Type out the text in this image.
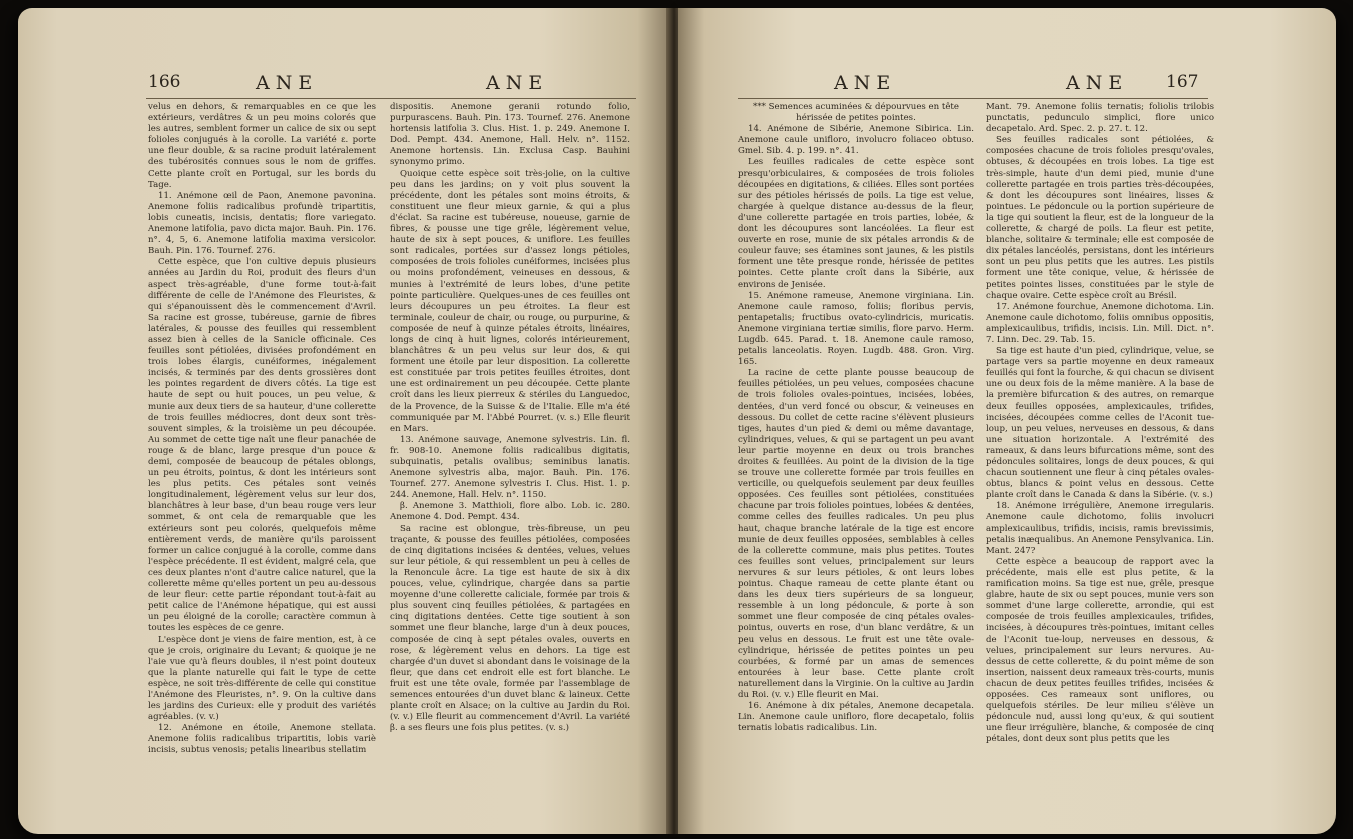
166	ANE	ANE

velus en dehors, & remarquables en ce que les extérieurs, verdâtres & un peu moins colorés que les autres, semblent former un calice de six ou sept folioles conjugués à la corolle. La variété ε. porte une fleur double, & sa racine produit latéralement des tubérosités connues sous le nom de griffes. Cette plante croît en Portugal, sur les bords du Tage.

11. Anémone œil de Paon, Anemone pavonina. Anemone foliis radicalibus profundè tripartitis, lobis cuneatis, incisis, dentatis; flore variegato. Anemone latifolia, pavo dicta major. Bauh. Pin. 176. n°. 4, 5, 6. Anemone latifolia maxima versicolor. Bauh. Pin. 176. Tournef. 276.

Cette espèce, que l'on cultive depuis plusieurs années au Jardin du Roi, produit des fleurs d'un aspect très-agréable, d'une forme tout-à-fait différente de celle de l'Anémone des Fleuristes, & qui s'épanouissent dès le commencement d'Avril. Sa racine est grosse, tubéreuse, garnie de fibres latérales, & pousse des feuilles qui ressemblent assez bien à celles de la Sanicle officinale. Ces feuilles sont pétiolées, divisées profondément en trois lobes élargis, cunéiformes, inégalement incisés, & terminés par des dents grossières dont les pointes regardent de divers côtés. La tige est haute de sept ou huit pouces, un peu velue, & munie aux deux tiers de sa hauteur, d'une collerette de trois feuilles médiocres, dont deux sont très-souvent simples, & la troisième un peu découpée. Au sommet de cette tige naît une fleur panachée de rouge & de blanc, large presque d'un pouce & demi, composée de beaucoup de pétales oblongs, un peu étroits, pointus, & dont les intérieurs sont les plus petits. Ces pétales sont veinés longitudinalement, légèrement velus sur leur dos, blanchâtres à leur base, d'un beau rouge vers leur sommet, & ont cela de remarquable que les extérieurs sont peu colorés, quelquefois même entièrement verds, de manière qu'ils paroissent former un calice conjugué à la corolle, comme dans l'espèce précédente. Il est évident, malgré cela, que ces deux plantes n'ont d'autre calice naturel, que la collerette même qu'elles portent un peu au-dessous de leur fleur: cette partie répondant tout-à-fait au petit calice de l'Anémone hépatique, qui est aussi un peu éloigné de la corolle; caractère commun à toutes les espèces de ce genre.

L'espèce dont je viens de faire mention, est, à ce que je crois, originaire du Levant; & quoique je ne l'aie vue qu'à fleurs doubles, il n'est point douteux que la plante naturelle qui fait le type de cette espèce, ne soit très-différente de celle qui constitue l'Anémone des Fleuristes, n°. 9. On la cultive dans les jardins des Curieux: elle y produit des variétés agréables. (v. v.)

12. Anémone en étoile, Anemone stellata. Anemone foliis radicalibus tripartitis, lobis variè incisis, subtus venosis; petalis linearibus stellatim

dispositis. Anemone geranii rotundo folio, purpurascens. Bauh. Pin. 173. Tournef. 276. Anemone hortensis latifolia 3. Clus. Hist. 1. p. 249. Anemone I. Dod. Pempt. 434. Anemone, Hall. Helv. n°. 1152. Anemone hortensis. Lin. Exclusa Casp. Bauhini synonymo primo.

Quoique cette espèce soit très-jolie, on la cultive peu dans les jardins; on y voit plus souvent la précédente, dont les pétales sont moins étroits, & constituent une fleur mieux garnie, & qui a plus d'éclat. Sa racine est tubéreuse, noueuse, garnie de fibres, & pousse une tige grêle, légèrement velue, haute de six à sept pouces, & uniflore. Les feuilles sont radicales, portées sur d'assez longs pétioles, composées de trois folioles cunéiformes, incisées plus ou moins profondément, veineuses en dessous, & munies à l'extrémité de leurs lobes, d'une petite pointe particulière. Quelques-unes de ces feuilles ont leurs découpures un peu étroites. La fleur est terminale, couleur de chair, ou rouge, ou purpurine, & composée de neuf à quinze pétales étroits, linéaires, longs de cinq à huit lignes, colorés intérieurement, blanchâtres & un peu velus sur leur dos, & qui forment une étoile par leur disposition. La collerette est constituée par trois petites feuilles étroites, dont une est ordinairement un peu découpée. Cette plante croît dans les lieux pierreux & stériles du Languedoc, de la Provence, de la Suisse & de l'Italie. Elle m'a été communiquée par M. l'Abbé Pourret. (v. s.) Elle fleurit en Mars.

13. Anémone sauvage, Anemone sylvestris. Lin. fl. fr. 908-10. Anemone foliis radicalibus digitatis, subquinatis, petalis ovalibus; seminibus lanatis. Anemone sylvestris alba, major. Bauh. Pin. 176. Tournef. 277. Anemone sylvestris I. Clus. Hist. 1. p. 244. Anemone, Hall. Helv. n°. 1150.

β. Anemone 3. Matthioli, flore albo. Lob. ic. 280. Anemone 4. Dod. Pempt. 434.

Sa racine est oblongue, très-fibreuse, un peu traçante, & pousse des feuilles pétiolées, composées de cinq digitations incisées & dentées, velues, velues sur leur pétiole, & qui ressemblent un peu à celles de la Renoncule âcre. La tige est haute de six à dix pouces, velue, cylindrique, chargée dans sa partie moyenne d'une collerette caliciale, formée par trois & plus souvent cinq feuilles pétiolées, & partagées en cinq digitations dentées. Cette tige soutient à son sommet une fleur blanche, large d'un à deux pouces, composée de cinq à sept pétales ovales, ouverts en rose, & légèrement velus en dehors. La tige est chargée d'un duvet si abondant dans le voisinage de la fleur, que dans cet endroit elle est fort blanche. Le fruit est une tête ovale, formée par l'assemblage de semences entourées d'un duvet blanc & laineux. Cette plante croît en Alsace; on la cultive au Jardin du Roi. (v. v.) Elle fleurit au commencement d'Avril. La variété β. a ses fleurs une fois plus petites. (v. s.)

ANE	ANE 167

*** Semences acuminées & dépourvues en tête hérissée de petites pointes.

14. Anémone de Sibérie, Anemone Sibirica. Lin. Anemone caule unifloro, involucro foliaceo obtuso. Gmel. Sib. 4. p. 199. n°. 41.

Les feuilles radicales de cette espèce sont presqu'orbiculaires, & composées de trois folioles découpées en digitations, & ciliées. Elles sont portées sur des pétioles hérissés de poils. La tige est velue, chargée à quelque distance au-dessus de la fleur, d'une collerette partagée en trois parties, lobée, & dont les découpures sont lancéolées. La fleur est ouverte en rose, munie de six pétales arrondis & de couleur fauve; ses étamines sont jaunes, & les pistils forment une tête presque ronde, hérissée de petites pointes. Cette plante croît dans la Sibérie, aux environs de Jenisée.

15. Anémone rameuse, Anemone virginiana. Lin. Anemone caule ramoso, foliis; floribus pervis, pentapetalis; fructibus ovato-cylindricis, muricatis. Anemone virginiana tertiæ similis, flore parvo. Herm. Lugdb. 645. Parad. t. 18. Anemone caule ramoso, petalis lanceolatis. Royen. Lugdb. 488. Gron. Virg. 165.

La racine de cette plante pousse beaucoup de feuilles pétiolées, un peu velues, composées chacune de trois folioles ovales-pointues, incisées, lobées, dentées, d'un verd foncé ou obscur, & veineuses en dessous. Du collet de cette racine s'élèvent plusieurs tiges, hautes d'un pied & demi ou même davantage, cylindriques, velues, & qui se partagent un peu avant leur partie moyenne en deux ou trois branches droites & feuillées. Au point de la division de la tige se trouve une collerette formée par trois feuilles en verticille, ou quelquefois seulement par deux feuilles opposées. Ces feuilles sont pétiolées, constituées chacune par trois folioles pointues, lobées & dentées, comme celles des feuilles radicales. Un peu plus haut, chaque branche latérale de la tige est encore munie de deux feuilles opposées, semblables à celles de la collerette commune, mais plus petites. Toutes ces feuilles sont velues, principalement sur leurs nervures & sur leurs pétioles, & ont leurs lobes pointus. Chaque rameau de cette plante étant ou dans les deux tiers supérieurs de sa longueur, ressemble à un long pédoncule, & porte à son sommet une fleur composée de cinq pétales ovales-pointus, ouverts en rose, d'un blanc verdâtre, & un peu velus en dessous. Le fruit est une tête ovale-cylindrique, hérissée de petites pointes un peu courbées, & formé par un amas de semences entourées à leur base. Cette plante croît naturellement dans la Virginie. On la cultive au Jardin du Roi. (v. v.) Elle fleurit en Mai.

16. Anémone à dix pétales, Anemone decapetala. Lin. Anemone caule unifloro, flore decapetalo, foliis ternatis lobatis radicalibus. Lin.

Mant. 79. Anemone foliis ternatis; foliolis trilobis punctatis, pedunculo simplici, flore unico decapetalo. Ard. Spec. 2. p. 27. t. 12.

Ses feuilles radicales sont pétiolées, & composées chacune de trois folioles presqu'ovales, obtuses, & découpées en trois lobes. La tige est très-simple, haute d'un demi pied, munie d'une collerette partagée en trois parties très-découpées, & dont les découpures sont linéaires, lisses & pointues. Le pédoncule ou la portion supérieure de la tige qui soutient la fleur, est de la longueur de la collerette, & chargé de poils. La fleur est petite, blanche, solitaire & terminale; elle est composée de dix pétales lancéolés, persistans, dont les intérieurs sont un peu plus petits que les autres. Les pistils forment une tête conique, velue, & hérissée de petites pointes lisses, constituées par le style de chaque ovaire. Cette espèce croît au Brésil.

17. Anémone fourchue, Anemone dichotoma. Lin. Anemone caule dichotomo, foliis omnibus oppositis, amplexicaulibus, trifidis, incisis. Lin. Mill. Dict. n°. 7. Linn. Dec. 29. Tab. 15.

Sa tige est haute d'un pied, cylindrique, velue, se partage vers sa partie moyenne en deux rameaux feuillés qui font la fourche, & qui chacun se divisent une ou deux fois de la même manière. A la base de la première bifurcation & des autres, on remarque deux feuilles opposées, amplexicaules, trifides, incisées, découpées comme celles de l'Aconit tue-loup, un peu velues, nerveuses en dessous, & dans une situation horizontale. A l'extrémité des rameaux, & dans leurs bifurcations même, sont des pédoncules solitaires, longs de deux pouces, & qui chacun soutiennent une fleur à cinq pétales ovales-obtus, blancs & point velus en dessous. Cette plante croît dans le Canada & dans la Sibérie. (v. s.)

18. Anémone irrégulière, Anemone irregularis. Anemone caule dichotomo, foliis involucri amplexicaulibus, trifidis, incisis, ramis brevissimis, petalis inæqualibus. An Anemone Pensylvanica. Lin. Mant. 247?

Cette espèce a beaucoup de rapport avec la précédente, mais elle est plus petite, & la ramification moins. Sa tige est nue, grêle, presque glabre, haute de six ou sept pouces, munie vers son sommet d'une large collerette, arrondie, qui est composée de trois feuilles amplexicaules, trifides, incisées, à découpures très-pointues, imitant celles de l'Aconit tue-loup, nerveuses en dessous, & velues, principalement sur leurs nervures. Au-dessus de cette collerette, & du point même de son insertion, naissent deux rameaux très-courts, munis chacun de deux petites feuilles trifides, incisées & opposées. Ces rameaux sont uniflores, ou quelquefois stériles. De leur milieu s'élève un pédoncule nud, aussi long qu'eux, & qui soutient une fleur irrégulière, blanche, & composée de cinq pétales, dont deux sont plus petits que les
